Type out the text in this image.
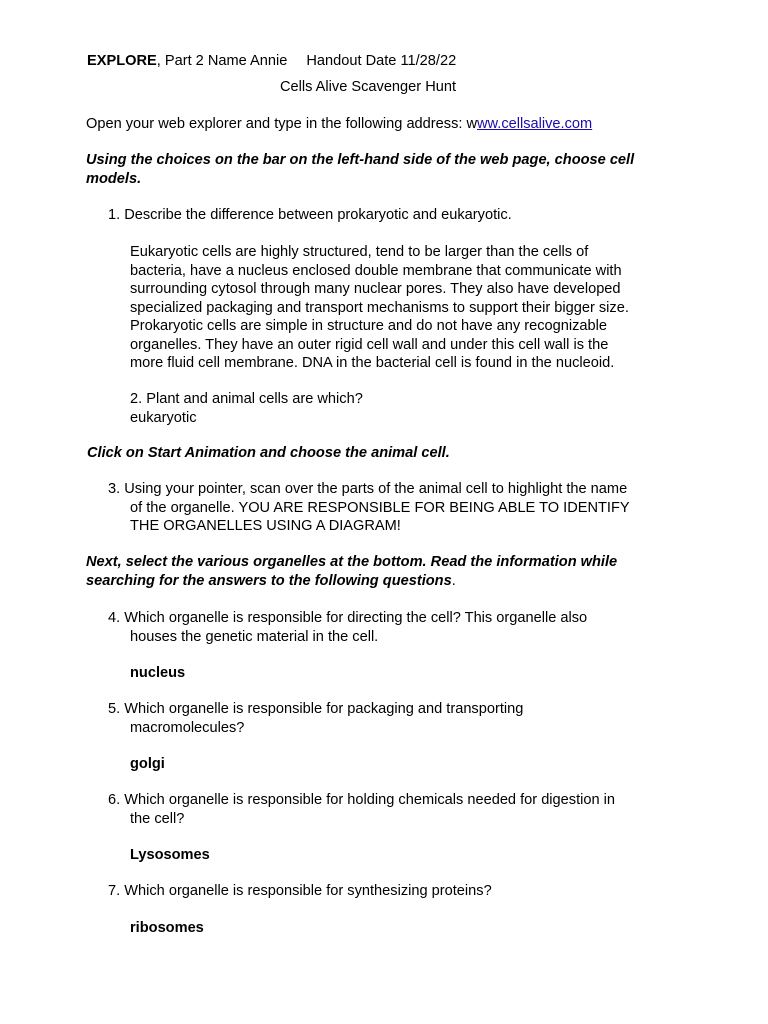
EXPLORE, Part 2 Name Annie Handout Date 11/28/22
Cells Alive Scavenger Hunt
Open your web explorer and type in the following address: www.cellsalive.com
Using the choices on the bar on the left-hand side of the web page, choose cell
models.
1. Describe the difference between prokaryotic and eukaryotic.
Eukaryotic cells are highly structured, tend to be larger than the cells of
bacteria, have a nucleus enclosed double membrane that communicate with
surrounding cytosol through many nuclear pores. They also have developed
specialized packaging and transport mechanisms to support their bigger size.
Prokaryotic cells are simple in structure and do not have any recognizable
organelles. They have an outer rigid cell wall and under this cell wall is the
more fluid cell membrane. DNA in the bacterial cell is found in the nucleoid.
2. Plant and animal cells are which?
eukaryotic
Click on Start Animation and choose the animal cell.
3. Using your pointer, scan over the parts of the animal cell to highlight the name
of the organelle. YOU ARE RESPONSIBLE FOR BEING ABLE TO IDENTIFY
THE ORGANELLES USING A DIAGRAM!
Next, select the various organelles at the bottom. Read the information while
searching for the answers to the following questions.
4. Which organelle is responsible for directing the cell? This organelle also
houses the genetic material in the cell.
nucleus
5. Which organelle is responsible for packaging and transporting
macromolecules?
golgi
6. Which organelle is responsible for holding chemicals needed for digestion in
the cell?
Lysosomes
7. Which organelle is responsible for synthesizing proteins?
ribosomes
